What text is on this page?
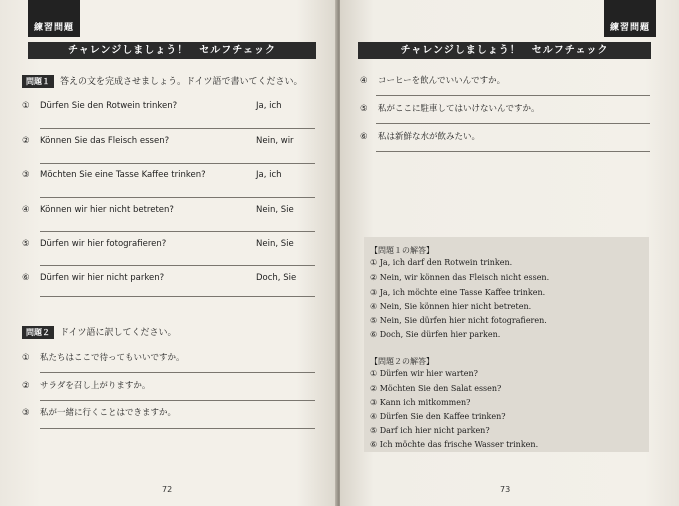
練習問題
チャレンジしましょう！　セルフチェック
問題１ 答えの文を完成させましょう。ドイツ語で書いてください。
① Dürfen Sie den Rotwein trinken?	Ja, ich
② Können Sie das Fleisch essen?	Nein, wir
③ Möchten Sie eine Tasse Kaffee trinken?	Ja, ich
④ Können wir hier nicht betreten?	Nein, Sie
⑤ Dürfen wir hier fotografieren?	Nein, Sie
⑥ Dürfen wir hier nicht parken?	Doch, Sie
問題２ ドイツ語に訳してください。
① 私たちはここで待ってもいいですか。
② サラダを召し上がりますか。
③ 私が一緒に行くことはできますか。
72
練習問題
チャレンジしましょう！　セルフチェック
④ コーヒーを飲んでいいんですか。
⑤ 私がここに駐車してはいけないんですか。
⑥ 私は新鮮な水が飲みたい。
【問題１の解答】
① Ja, ich darf den Rotwein trinken.
② Nein, wir können das Fleisch nicht essen.
③ Ja, ich möchte eine Tasse Kaffee trinken.
④ Nein, Sie können hier nicht betreten.
⑤ Nein, Sie dürfen hier nicht fotografieren.
⑥ Doch, Sie dürfen hier parken.
【問題２の解答】
① Dürfen wir hier warten?
② Möchten Sie den Salat essen?
③ Kann ich mitkommen?
④ Dürfen Sie den Kaffee trinken?
⑤ Darf ich hier nicht parken?
⑥ Ich möchte das frische Wasser trinken.
73
